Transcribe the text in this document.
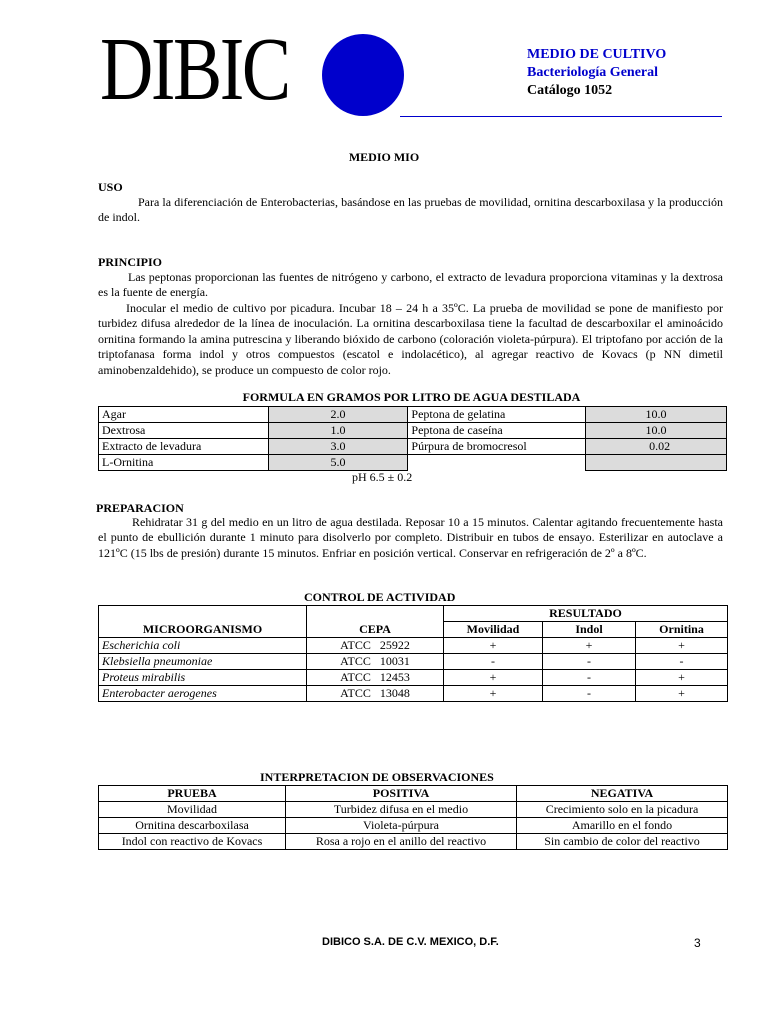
DIBIC	MEDIO DE CULTIVO
Bacteriología General
Catálogo 1052
MEDIO MIO
USO
Para la diferenciación de Enterobacterias, basándose en las pruebas de movilidad, ornitina descarboxilasa y la producción de indol.
PRINCIPIO
Las peptonas proporcionan las fuentes de nitrógeno y carbono, el extracto de levadura proporciona vitaminas y la dextrosa es la fuente de energía.
Inocular el medio de cultivo por picadura. Incubar 18 – 24 h a 35ºC. La prueba de movilidad se pone de manifiesto por turbidez difusa alrededor de la línea de inoculación. La ornitina descarboxilasa tiene la facultad de descarboxilar el aminoácido ornitina formando la amina putrescina y liberando bióxido de carbono (coloración violeta-púrpura). El triptofano por acción de la triptofanasa forma indol y otros compuestos (escatol e indolacético), al agregar reactivo de Kovacs (p NN dimetil aminobenzaldehido), se produce un compuesto de color rojo.
FORMULA EN GRAMOS POR LITRO DE AGUA DESTILADA
Agar	2.0	Peptona de gelatina	10.0
Dextrosa	1.0	Peptona de caseína	10.0
Extracto de levadura	3.0	Púrpura de bromocresol	0.02
L-Ornitina	5.0		
pH 6.5 ± 0.2
PREPARACION
Rehidratar 31 g del medio en un litro de agua destilada. Reposar 10 a 15 minutos. Calentar agitando frecuentemente hasta el punto de ebullición durante 1 minuto para disolverlo por completo. Distribuir en tubos de ensayo. Esterilizar en autoclave a 121ºC (15 lbs de presión) durante 15 minutos. Enfriar en posición vertical. Conservar en refrigeración de 2º a 8ºC.
CONTROL DE ACTIVIDAD
MICROORGANISMO	CEPA	RESULTADO		
		Movilidad	Indol	Ornitina
Escherichia coli	ATCC   25922	+	+	+
Klebsiella pneumoniae	ATCC   10031	-	-	-
Proteus mirabilis	ATCC   12453	+	-	+
Enterobacter aerogenes	ATCC   13048	+	-	+
INTERPRETACION DE OBSERVACIONES
PRUEBA	POSITIVA	NEGATIVA
Movilidad	Turbidez difusa en el medio	Crecimiento solo en la picadura
Ornitina descarboxilasa	Violeta-púrpura	Amarillo en el fondo
Indol con reactivo de Kovacs	Rosa a rojo en el anillo del reactivo	Sin cambio de color del reactivo
DIBICO S.A. DE C.V. MEXICO, D.F.	3
